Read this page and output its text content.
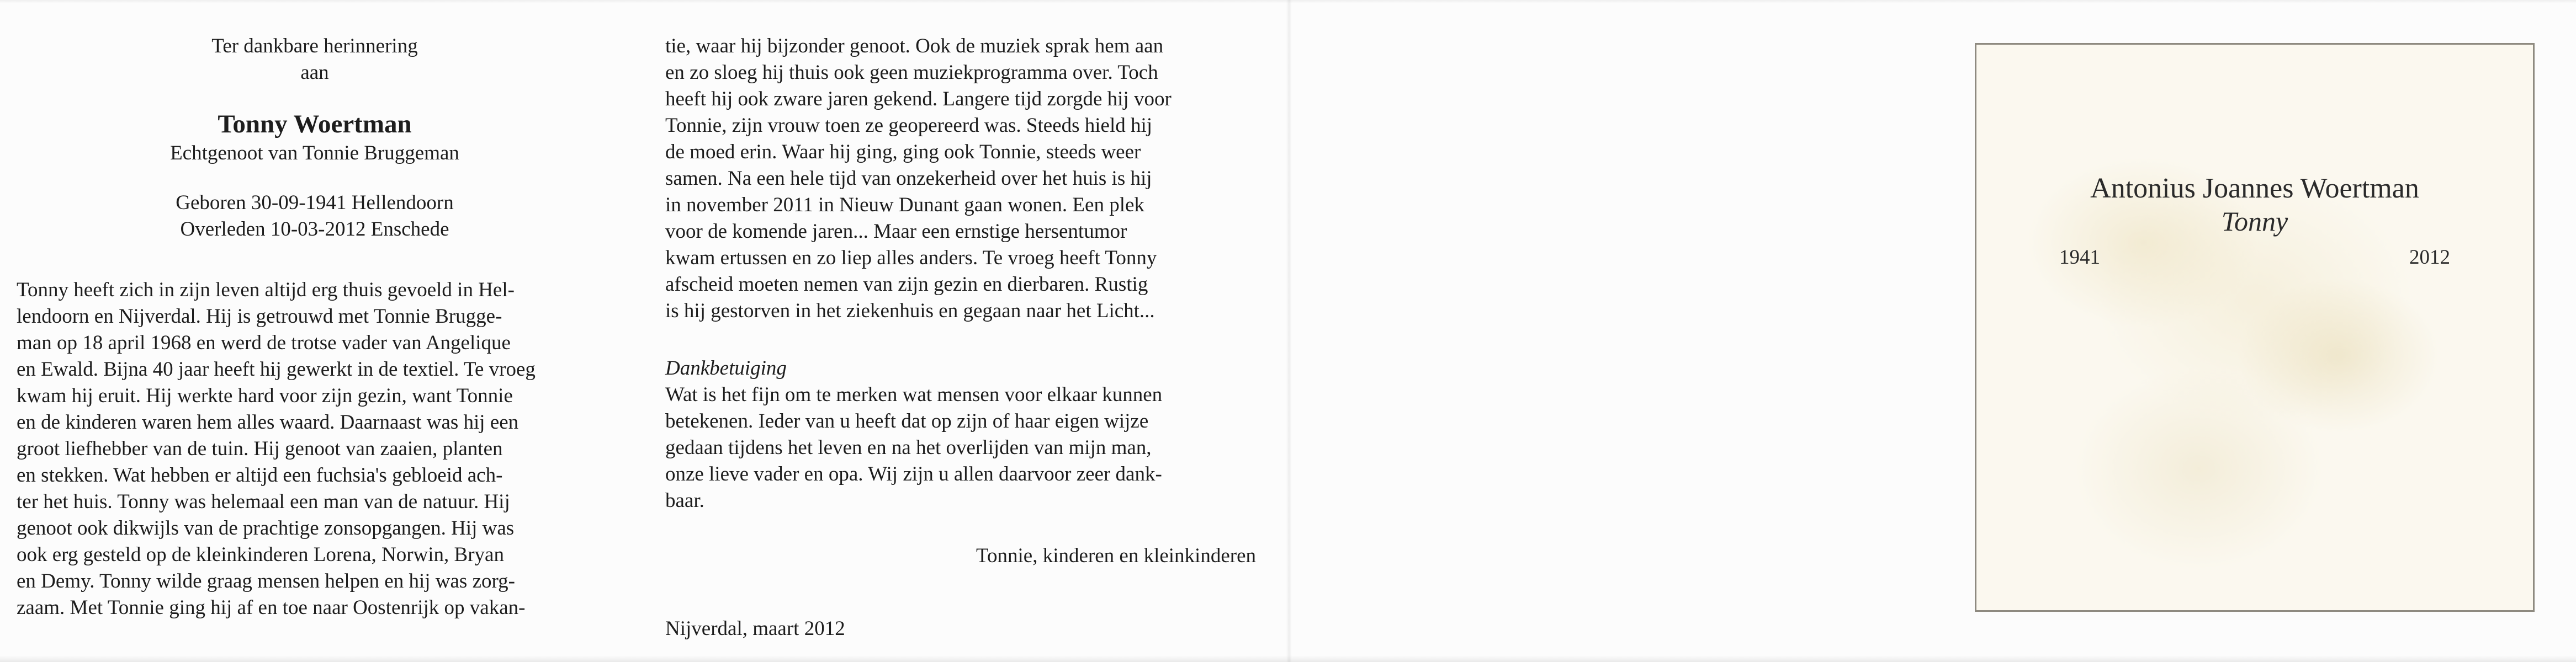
Ter dankbare herinnering

aan

Tonny Woertman

Echtgenoot van Tonnie Bruggeman

Geboren 30-09-1941 Hellendoorn

Overleden 10-03-2012 Enschede

Tonny heeft zich in zijn leven altijd erg thuis gevoeld in Hel-
lendoorn en Nijverdal. Hij is getrouwd met Tonnie Brugge-
man op 18 april 1968 en werd de trotse vader van Angelique
en Ewald. Bijna 40 jaar heeft hij gewerkt in de textiel. Te vroeg
kwam hij eruit. Hij werkte hard voor zijn gezin, want Tonnie
en de kinderen waren hem alles waard. Daarnaast was hij een
groot liefhebber van de tuin. Hij genoot van zaaien, planten
en stekken. Wat hebben er altijd een fuchsia's gebloeid ach-
ter het huis. Tonny was helemaal een man van de natuur. Hij
genoot ook dikwijls van de prachtige zonsopgangen. Hij was
ook erg gesteld op de kleinkinderen Lorena, Norwin, Bryan
en Demy. Tonny wilde graag mensen helpen en hij was zorg-
zaam. Met Tonnie ging hij af en toe naar Oostenrijk op vakan-

tie, waar hij bijzonder genoot. Ook de muziek sprak hem aan

en zo sloeg hij thuis ook geen muziekprogramma over. Toch

heeft hij ook zware jaren gekend. Langere tijd zorgde hij voor

Tonnie, zijn vrouw toen ze geopereerd was. Steeds hield hij

de moed erin. Waar hij ging, ging ook Tonnie, steeds weer

samen. Na een hele tijd van onzekerheid over het huis is hij

in november 2011 in Nieuw Dunant gaan wonen. Een plek

voor de komende jaren... Maar een ernstige hersentumor

kwam ertussen en zo liep alles anders. Te vroeg heeft Tonny

afscheid moeten nemen van zijn gezin en dierbaren. Rustig

is hij gestorven in het ziekenhuis en gegaan naar het Licht...

Dankbetuiging

Wat is het fijn om te merken wat mensen voor elkaar kunnen

betekenen. Ieder van u heeft dat op zijn of haar eigen wijze

gedaan tijdens het leven en na het overlijden van mijn man,

onze lieve vader en opa. Wij zijn u allen daarvoor zeer dank-

baar.

Tonnie, kinderen en kleinkinderen

Nijverdal, maart 2012

Antonius Joannes Woertman

Tonny

1941	2012
